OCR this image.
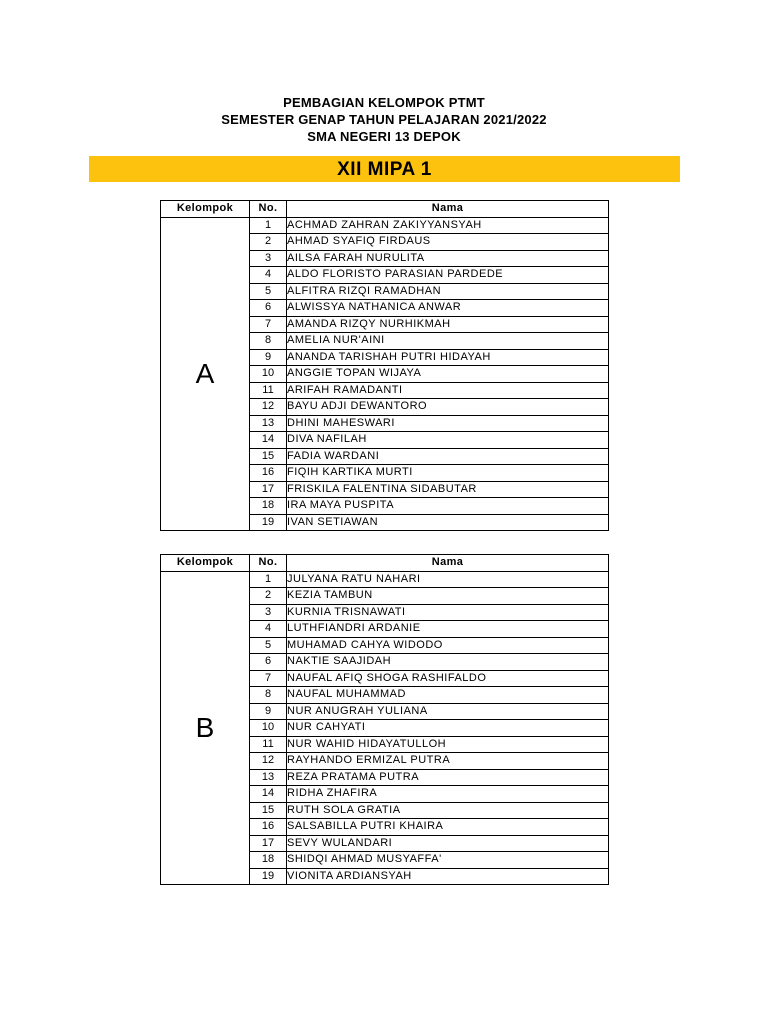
PEMBAGIAN KELOMPOK PTMT
SEMESTER GENAP TAHUN PELAJARAN 2021/2022
SMA NEGERI 13 DEPOK
XII MIPA 1
Kelompok	No.	Nama
A	1	ACHMAD ZAHRAN ZAKIYYANSYAH
	2	AHMAD SYAFIQ FIRDAUS
	3	AILSA FARAH NURULITA
	4	ALDO FLORISTO PARASIAN PARDEDE
	5	ALFITRA RIZQI RAMADHAN
	6	ALWISSYA NATHANICA ANWAR
	7	AMANDA RIZQY NURHIKMAH
	8	AMELIA NUR'AINI
	9	ANANDA TARISHAH PUTRI HIDAYAH
	10	ANGGIE TOPAN WIJAYA
	11	ARIFAH RAMADANTI
	12	BAYU ADJI DEWANTORO
	13	DHINI MAHESWARI
	14	DIVA NAFILAH
	15	FADIA WARDANI
	16	FIQIH KARTIKA MURTI
	17	FRISKILA FALENTINA SIDABUTAR
	18	IRA MAYA PUSPITA
	19	IVAN SETIAWAN
Kelompok	No.	Nama
B	1	JULYANA RATU NAHARI
	2	KEZIA TAMBUN
	3	KURNIA TRISNAWATI
	4	LUTHFIANDRI ARDANIE
	5	MUHAMAD CAHYA WIDODO
	6	NAKTIE SAAJIDAH
	7	NAUFAL AFIQ SHOGA RASHIFALDO
	8	NAUFAL MUHAMMAD
	9	NUR ANUGRAH YULIANA
	10	NUR CAHYATI
	11	NUR WAHID HIDAYATULLOH
	12	RAYHANDO ERMIZAL PUTRA
	13	REZA PRATAMA PUTRA
	14	RIDHA ZHAFIRA
	15	RUTH SOLA GRATIA
	16	SALSABILLA PUTRI KHAIRA
	17	SEVY WULANDARI
	18	SHIDQI AHMAD MUSYAFFA'
	19	VIONITA ARDIANSYAH
